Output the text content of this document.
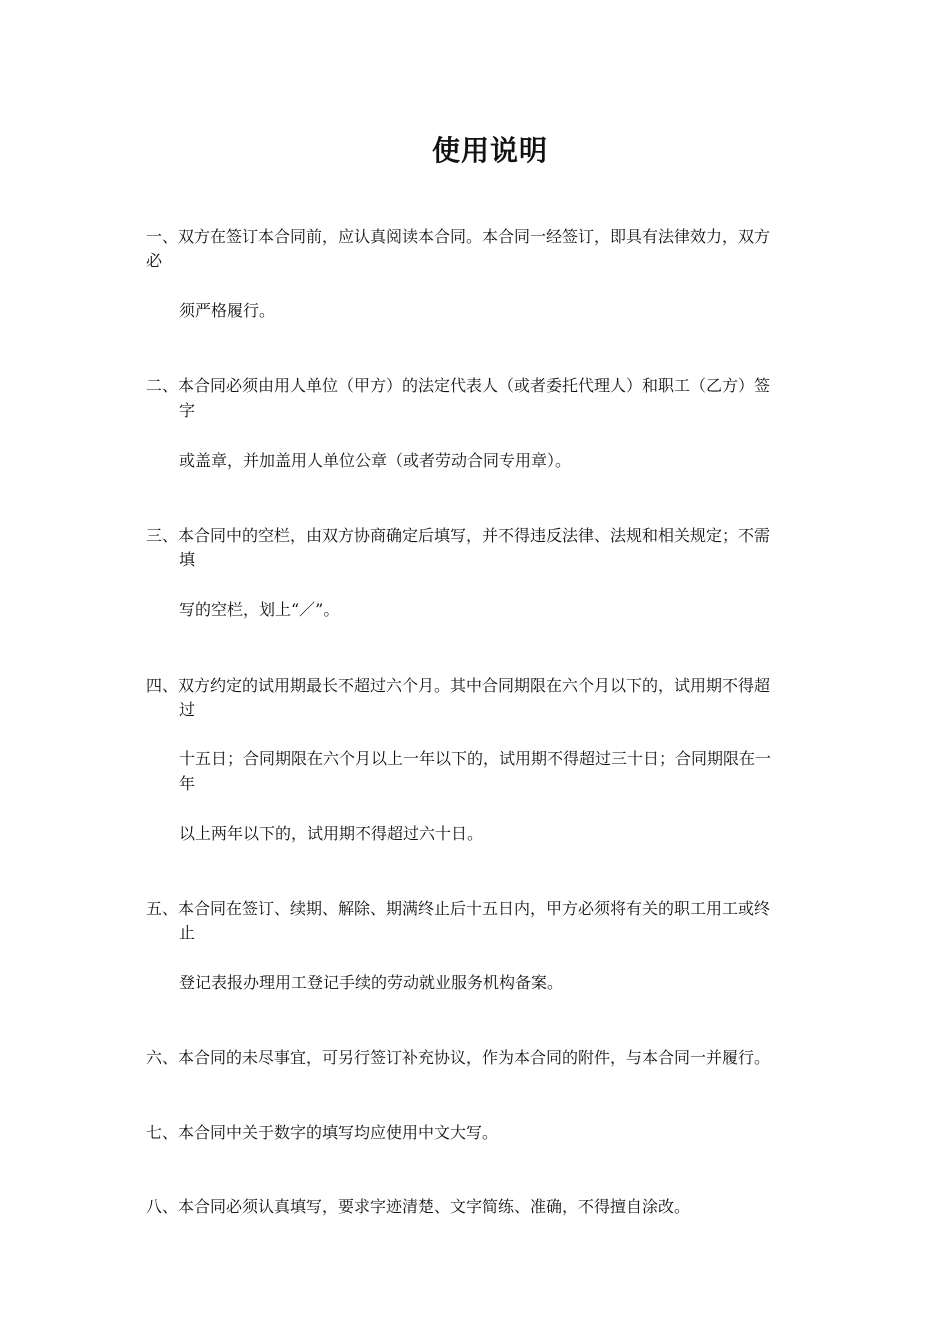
使用说明
一、双方在签订本合同前，应认真阅读本合同。本合同一经签订，即具有法律效力，双方
必
须严格履行。
二、本合同必须由用人单位（甲方）的法定代表人（或者委托代理人）和职工（乙方）签
字
或盖章，并加盖用人单位公章（或者劳动合同专用章）。
三、本合同中的空栏，由双方协商确定后填写，并不得违反法律、法规和相关规定；不需
填
写的空栏，划上“／”。
四、双方约定的试用期最长不超过六个月。其中合同期限在六个月以下的，试用期不得超
过
十五日；合同期限在六个月以上一年以下的，试用期不得超过三十日；合同期限在一
年
以上两年以下的，试用期不得超过六十日。
五、本合同在签订、续期、解除、期满终止后十五日内，甲方必须将有关的职工用工或终
止
登记表报办理用工登记手续的劳动就业服务机构备案。
六、本合同的未尽事宜，可另行签订补充协议，作为本合同的附件，与本合同一并履行。
七、本合同中关于数字的填写均应使用中文大写。
八、本合同必须认真填写，要求字迹清楚、文字简练、准确，不得擅自涂改。
